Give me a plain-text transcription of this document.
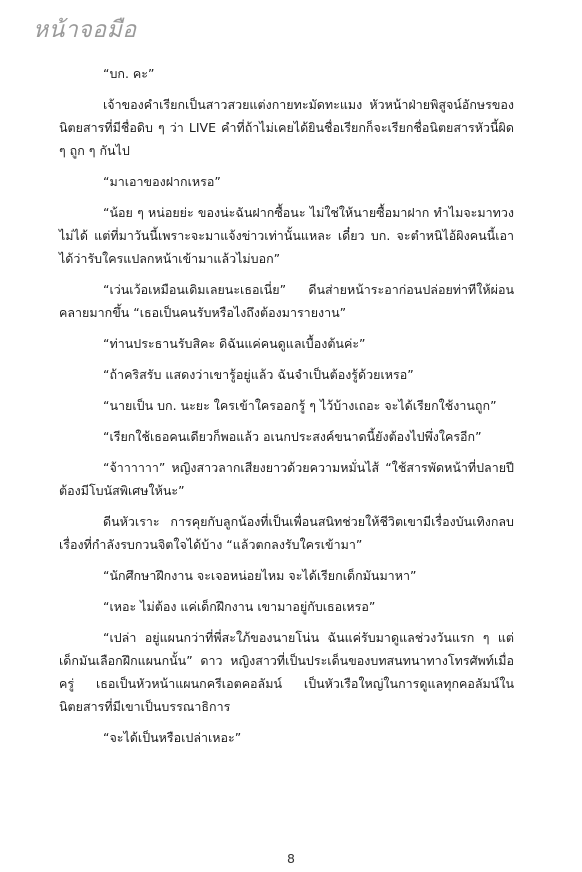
หน้าจอมือ

“บก. คะ”

เจ้าของคำเรียกเป็นสาวสวยแต่งกายทะมัดทะแมง หัวหน้าฝ่ายพิสูจน์อักษรของนิตยสารที่มีชื่อดิบ ๆ ว่า LIVE คำที่ถ้าไม่เคยได้ยินชื่อเรียกก็จะเรียกชื่อนิตยสารหัวนี้ผิด ๆ ถูก ๆ กันไป

“มาเอาของฝากเหรอ”

“น้อย ๆ หน่อยย่ะ ของน่ะฉันฝากซื้อนะ ไม่ใช่ให้นายซื้อมาฝาก ทำไมจะมาทวงไม่ได้ แต่ที่มาวันนี้เพราะจะมาแจ้งข่าวเท่านั้นแหละ เดี๋ยว บก. จะตำหนิไอ้ผิงคนนี้เอาได้ว่ารับใครแปลกหน้าเข้ามาแล้วไม่บอก”

“เว่นเว้อเหมือนเดิมเลยนะเธอเนี่ย” ดีนส่ายหน้าระอาก่อนปล่อยท่าทีให้ผ่อนคลายมากขึ้น “เธอเป็นคนรับหรือไงถึงต้องมารายงาน”

“ท่านประธานรับสิคะ ดิฉันแค่คนดูแลเบื้องต้นค่ะ”

“ถ้าคริสรับ แสดงว่าเขารู้อยู่แล้ว ฉันจำเป็นต้องรู้ด้วยเหรอ”

“นายเป็น บก. นะยะ ใครเข้าใครออกรู้ ๆ ไว้บ้างเถอะ จะได้เรียกใช้งานถูก”

“เรียกใช้เธอคนเดียวก็พอแล้ว อเนกประสงค์ขนาดนี้ยังต้องไปพึ่งใครอีก”

“จ้าาาาาา” หญิงสาวลากเสียงยาวด้วยความหมั่นไส้ “ใช้สารพัดหน้าที่ปลายปีต้องมีโบนัสพิเศษให้นะ”

ดีนหัวเราะ การคุยกับลูกน้องที่เป็นเพื่อนสนิทช่วยให้ชีวิตเขามีเรื่องบันเทิงกลบเรื่องที่กำลังรบกวนจิตใจได้บ้าง “แล้วตกลงรับใครเข้ามา”

“นักศึกษาฝึกงาน จะเจอหน่อยไหม จะได้เรียกเด็กมันมาหา”

“เหอะ ไม่ต้อง แค่เด็กฝึกงาน เขามาอยู่กับเธอเหรอ”

“เปล่า อยู่แผนกว่าที่พี่สะใภ้ของนายโน่น ฉันแค่รับมาดูแลช่วงวันแรก ๆ แต่เด็กมันเลือกฝึกแผนกนั้น” ดาว หญิงสาวที่เป็นประเด็นของบทสนทนาทางโทรศัพท์เมื่อครู่ เธอเป็นหัวหน้าแผนกครีเอตคอลัมน์ เป็นหัวเรือใหญ่ในการดูแลทุกคอลัมน์ในนิตยสารที่มีเขาเป็นบรรณาธิการ

“จะได้เป็นหรือเปล่าเหอะ”

8
